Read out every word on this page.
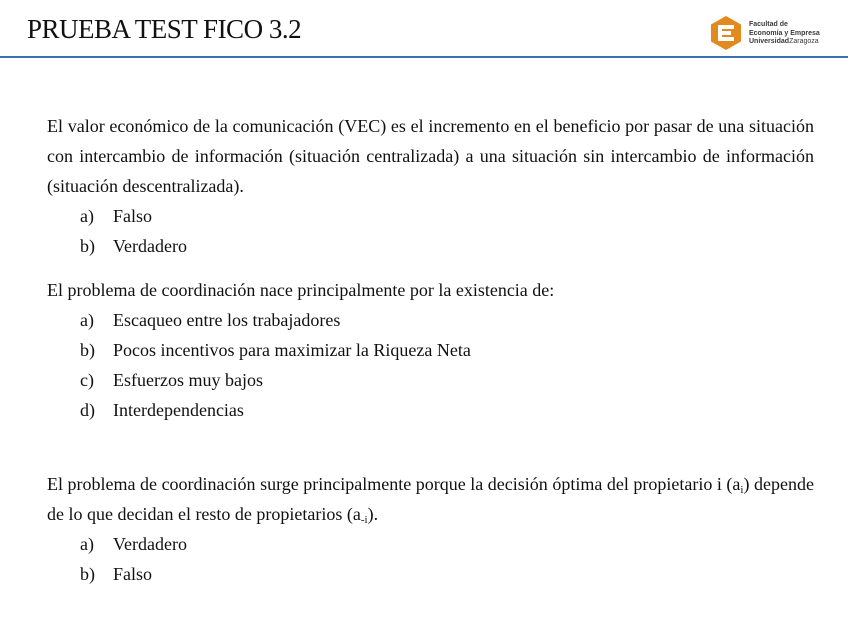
PRUEBA TEST FICO 3.2	Facultad de
Economía y Empresa
UniversidadZaragoza

El valor económico de la comunicación (VEC) es el incremento en el beneficio por pasar de una situación con intercambio de información (situación centralizada) a una situación sin intercambio de información (situación descentralizada).

a) Falso
b) Verdadero

El problema de coordinación nace principalmente por la existencia de:

a) Escaqueo entre los trabajadores
b) Pocos incentivos para maximizar la Riqueza Neta
c) Esfuerzos muy bajos
d) Interdependencias

El problema de coordinación surge principalmente porque la decisión óptima del propietario i $(a_i)$ depende de lo que decidan el resto de propietarios $(a_{-i})$.

a) Verdadero
b) Falso
